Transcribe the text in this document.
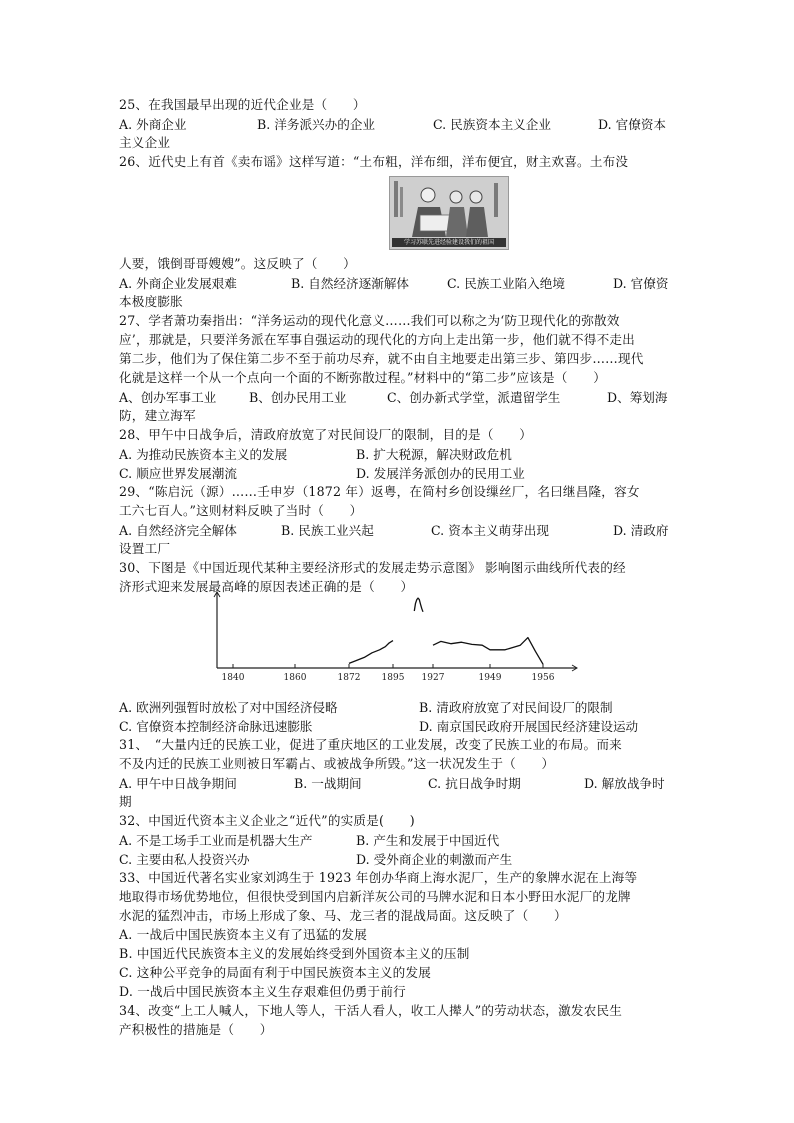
25、在我国最早出现的近代企业是（　　）
A. 外商企业	B. 洋务派兴办的企业	C. 民族资本主义企业	D. 官僚资本
主义企业
26、近代史上有首《卖布谣》这样写道：“土布粗，洋布细，洋布便宜，财主欢喜。土布没
学习苏联先进经验建设我们的祖国
人要，饿倒哥哥嫂嫂”。这反映了（　　）
A. 外商企业发展艰难	B. 自然经济逐渐解体	C. 民族工业陷入绝境	D. 官僚资
本极度膨胀
27、学者萧功秦指出：“洋务运动的现代化意义……我们可以称之为‘防卫现代化的弥散效
应’，那就是，只要洋务派在军事自强运动的现代化的方向上走出第一步，他们就不得不走出
第二步，他们为了保住第二步不至于前功尽弃，就不由自主地要走出第三步、第四步……现代
化就是这样一个从一个点向一个面的不断弥散过程。”材料中的“第二步”应该是（　　）
A、创办军事工业	B、创办民用工业	C、创办新式学堂，派遣留学生	D、筹划海
防，建立海军
28、甲午中日战争后，清政府放宽了对民间设厂的限制，目的是（　　）
A. 为推动民族资本主义的发展	B. 扩大税源，解决财政危机
C. 顺应世界发展潮流	D. 发展洋务派创办的民用工业
29、“陈启沅（源）……壬申岁（1872 年）返粤，在简村乡创设缫丝厂，名曰继昌隆，容女
工六七百人。”这则材料反映了当时（　　）
A. 自然经济完全解体	B. 民族工业兴起	C. 资本主义萌芽出现	D. 清政府
设置工厂
30、下图是《中国近现代某种主要经济形式的发展走势示意图》 影响图示曲线所代表的经
济形式迎来发展最高峰的原因表述正确的是（　　）
1840	1860	1872 1895 1927	1949	1956
A. 欧洲列强暂时放松了对中国经济侵略	B. 清政府放宽了对民间设厂的限制
C. 官僚资本控制经济命脉迅速膨胀	D. 南京国民政府开展国民经济建设运动
31、　“大量内迁的民族工业，促进了重庆地区的工业发展，改变了民族工业的布局。而来
不及内迁的民族工业则被日军霸占、或被战争所毁。”这一状况发生于（　　）
A. 甲午中日战争期间	B. 一战期间	C. 抗日战争时期	D. 解放战争时
期
32、中国近代资本主义企业之“近代”的实质是(　　)
A. 不是工场手工业而是机器大生产	B. 产生和发展于中国近代
C. 主要由私人投资兴办	D. 受外商企业的刺激而产生
33、中国近代著名实业家刘鸿生于 1923 年创办华商上海水泥厂，生产的象牌水泥在上海等
地取得市场优势地位，但很快受到国内启新洋灰公司的马牌水泥和日本小野田水泥厂的龙牌
水泥的猛烈冲击，市场上形成了象、马、龙三者的混战局面。这反映了（　　）
A. 一战后中国民族资本主义有了迅猛的发展
B. 中国近代民族资本主义的发展始终受到外国资本主义的压制
C. 这种公平竞争的局面有利于中国民族资本主义的发展
D. 一战后中国民族资本主义生存艰难但仍勇于前行
34、改变“上工人喊人，下地人等人，干活人看人，收工人撵人”的劳动状态，激发农民生
产积极性的措施是（　　）
